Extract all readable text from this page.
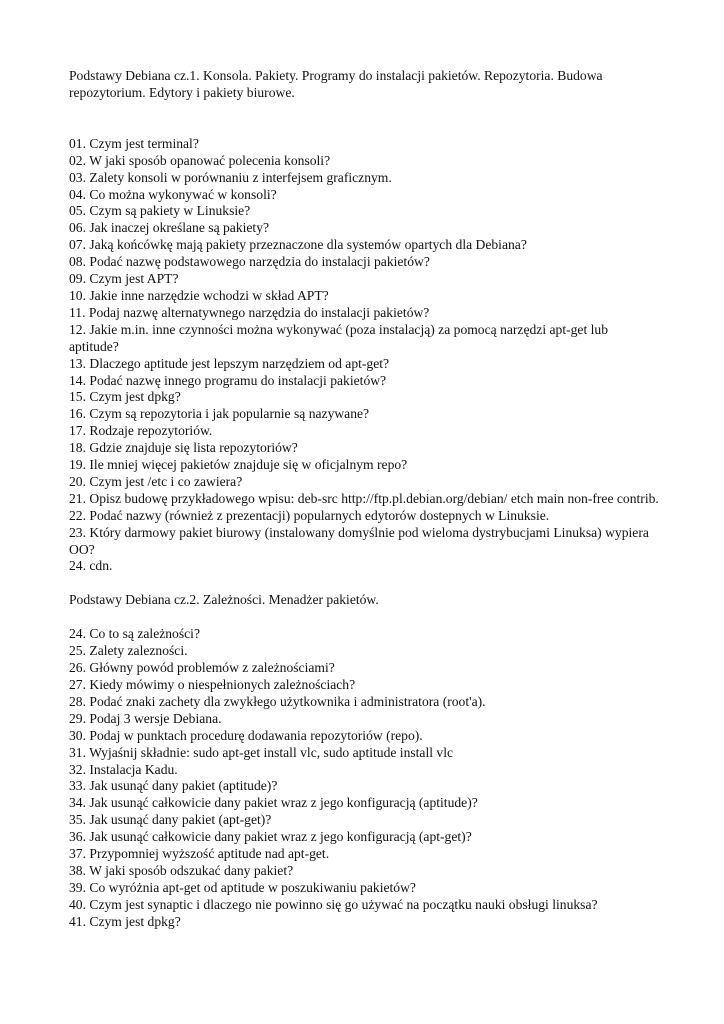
Podstawy Debiana cz.1. Konsola. Pakiety. Programy do instalacji pakietów. Repozytoria. Budowa repozytorium. Edytory i pakiety biurowe.

01. Czym jest terminal?
02. W jaki sposób opanować polecenia konsoli?
03. Zalety konsoli w porównaniu z interfejsem graficznym.
04. Co można wykonywać w konsoli?
05. Czym są pakiety w Linuksie?
06. Jak inaczej określane są pakiety?
07. Jaką końcówkę mają pakiety przeznaczone dla systemów opartych dla Debiana?
08. Podać nazwę podstawowego narzędzia do instalacji pakietów?
09. Czym jest APT?
10. Jakie inne narzędzie wchodzi w skład APT?
11. Podaj nazwę alternatywnego narzędzia do instalacji pakietów?
12. Jakie m.in. inne czynności można wykonywać (poza instalacją) za pomocą narzędzi apt-get lub aptitude?
13. Dlaczego aptitude jest lepszym narzędziem od apt-get?
14. Podać nazwę innego programu do instalacji pakietów?
15. Czym jest dpkg?
16. Czym są repozytoria i jak popularnie są nazywane?
17. Rodzaje repozytoriów.
18. Gdzie znajduje się lista repozytoriów?
19. Ile mniej więcej pakietów znajduje się w oficjalnym repo?
20. Czym jest /etc i co zawiera?
21. Opisz budowę przykładowego wpisu: deb-src http://ftp.pl.debian.org/debian/ etch main non-free contrib.
22. Podać nazwy (również z prezentacji) popularnych edytorów dostepnych w Linuksie.
23. Który darmowy pakiet biurowy (instalowany domyślnie pod wieloma dystrybucjami Linuksa) wypiera OO?
24. cdn.

Podstawy Debiana cz.2. Zależności. Menadżer pakietów.

24. Co to są zależności?
25. Zalety zalezności.
26. Główny powód problemów z zależnościami?
27. Kiedy mówimy o niespełnionych zależnościach?
28. Podać znaki zachety dla zwykłego użytkownika i administratora (root'a).
29. Podaj 3 wersje Debiana.
30. Podaj w punktach procedurę dodawania repozytoriów (repo).
31. Wyjaśnij składnie: sudo apt-get install vlc, sudo aptitude install vlc
32. Instalacja Kadu.
33. Jak usunąć dany pakiet (aptitude)?
34. Jak usunąć całkowicie dany pakiet wraz z jego konfiguracją (aptitude)?
35. Jak usunąć dany pakiet (apt-get)?
36. Jak usunąć całkowicie dany pakiet wraz z jego konfiguracją (apt-get)?
37. Przypomniej wyższość aptitude nad apt-get.
38. W jaki sposób odszukać dany pakiet?
39. Co wyróżnia apt-get od aptitude w poszukiwaniu pakietów?
40. Czym jest synaptic i dlaczego nie powinno się go używać na początku nauki obsługi linuksa?
41. Czym jest dpkg?
